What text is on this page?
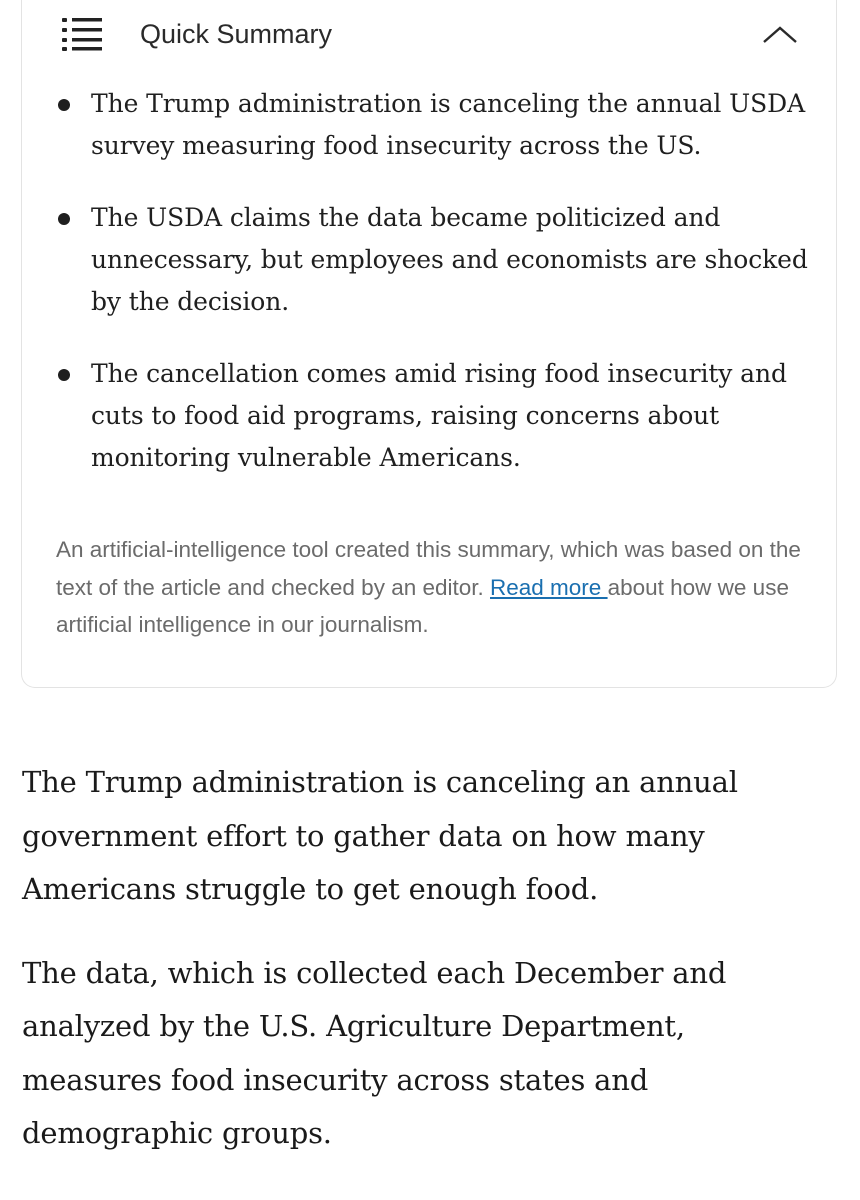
Quick Summary
The Trump administration is canceling the annual USDA survey measuring food insecurity across the US.
The USDA claims the data became politicized and unnecessary, but employees and economists are shocked by the decision.
The cancellation comes amid rising food insecurity and cuts to food aid programs, raising concerns about monitoring vulnerable Americans.
An artificial-intelligence tool created this summary, which was based on the text of the article and checked by an editor. Read more about how we use artificial intelligence in our journalism.

The Trump administration is canceling an annual government effort to gather data on how many Americans struggle to get enough food.

The data, which is collected each December and analyzed by the U.S. Agriculture Department, measures food insecurity across states and demographic groups.
